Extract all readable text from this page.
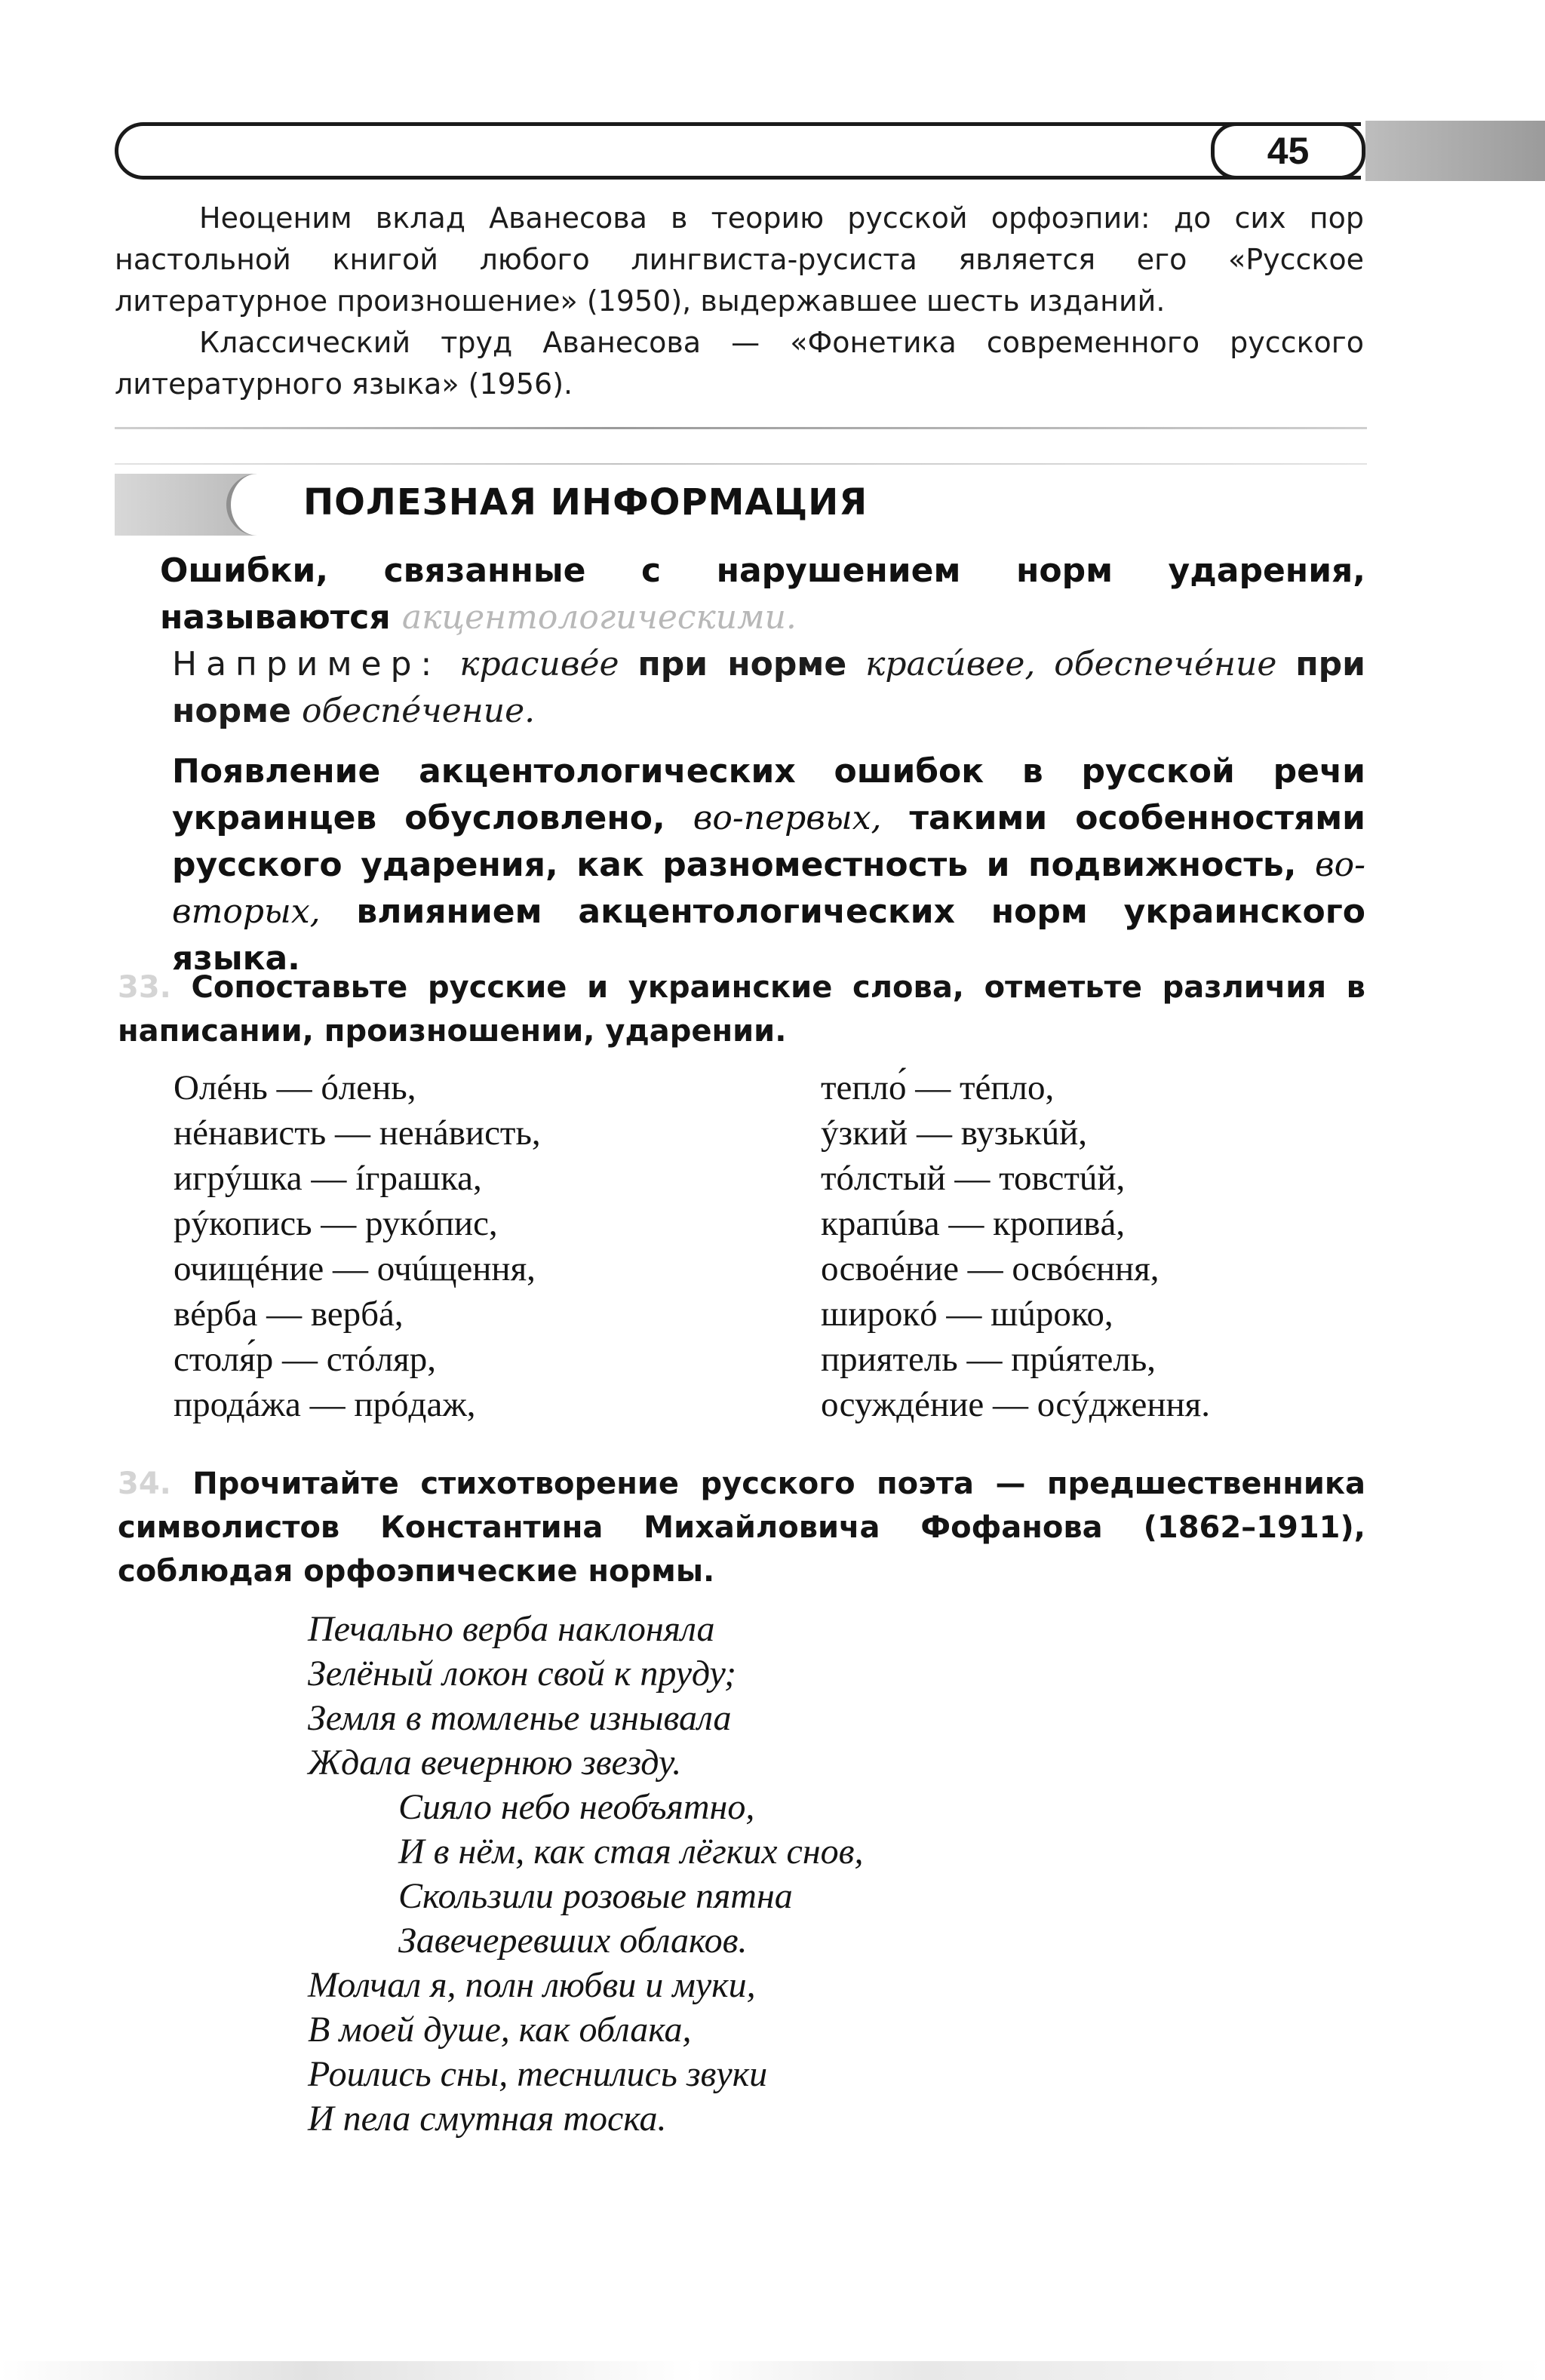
45

Неоценим вклад Аванесова в теорию русской орфоэпии: до сих пор настольной книгой любого лингвиста-русиста является его «Русское литературное произношение» (1950), выдержавшее шесть изданий.

Классический труд Аванесова — «Фонетика современного русского литературного языка» (1956).

ПОЛЕЗНАЯ ИНФОРМАЦИЯ

Ошибки, связанные с нарушением норм ударения, называются акцентологическими.

Например: красивée при норме красúвее, обеспечéние при норме обеспéчение.

Появление акцентологических ошибок в русской речи украинцев обусловлено, во-первых, такими особенностями русского ударения, как разноместность и подвижность, во-вторых, влиянием акцентологических норм украинского языка.

33. Сопоставьте русские и украинские слова, отметьте различия в написании, произношении, ударении.

Олéнь — óлень,
нéнависть — ненáвисть,
игрýшка — íграшка,
рýкопись — рукóпис,
очищéние — очúщення,
вéрба — вербá,
столя́р — стóляр,
продáжа — прóдаж,
тепло́ — тéпло,
ýзкий — вузькúй,
тóлстый — товстúй,
крапúва — кропивá,
освоéние — освóєння,
широкó — шúроко,
приятель — прúятель,
осуждéние — осýдження.

34. Прочитайте стихотворение русского поэта — предшественника символистов Константина Михайловича Фофанова (1862–1911), соблюдая орфоэпические нормы.

Печально верба наклоняла
Зелёный локон свой к пруду;
Земля в томленье изнывала
Ждала вечернюю звезду.
Сияло небо необъятно,
И в нём, как стая лёгких снов,
Скользили розовые пятна
Завечеревших облаков.
Молчал я, полн любви и муки,
В моей душе, как облака,
Роились сны, теснились звуки
И пела смутная тоска.
